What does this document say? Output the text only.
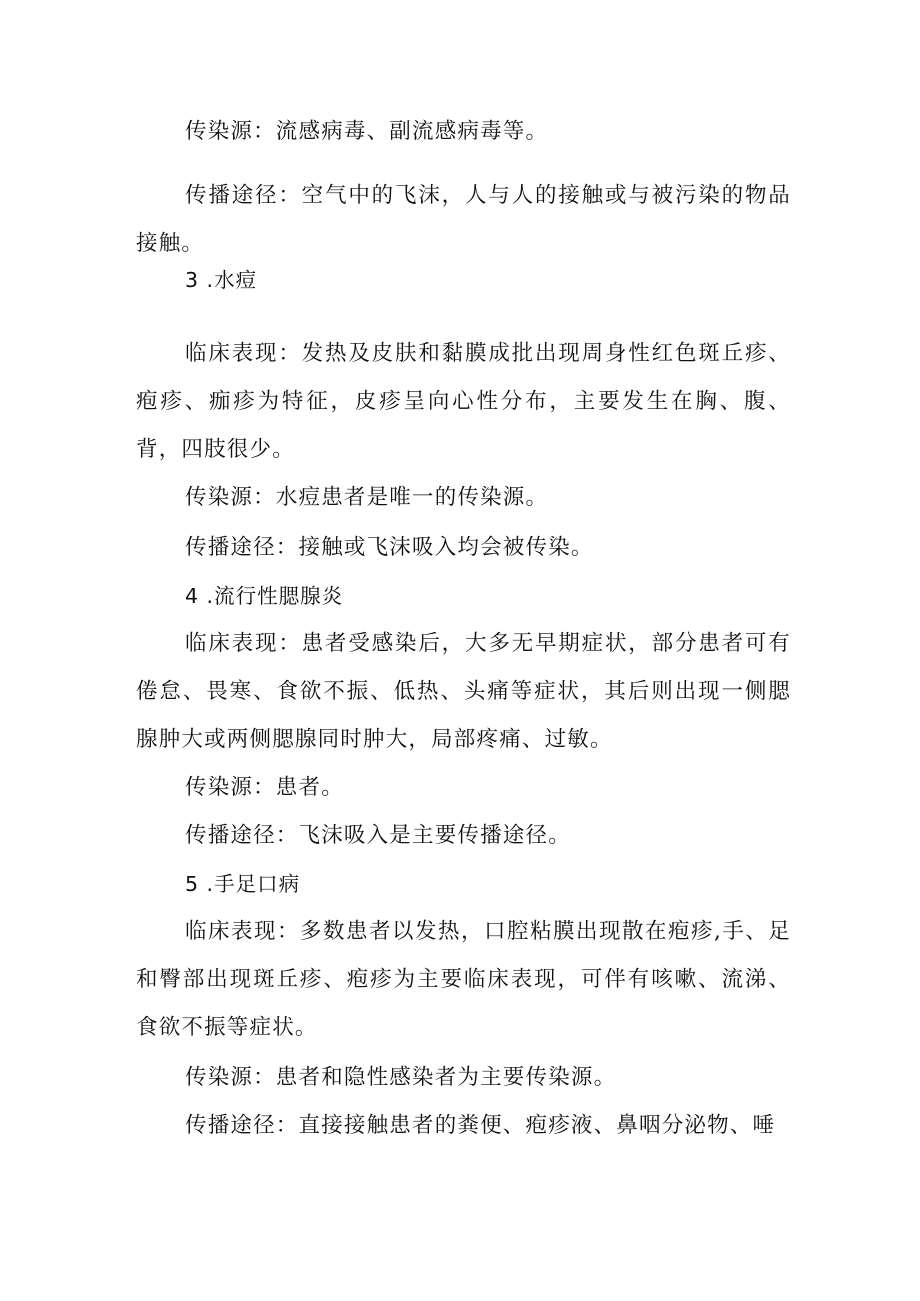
传染源：流感病毒、副流感病毒等。

传播途径：空气中的飞沫，人与人的接触或与被污染的物品接触。

3 .水痘

临床表现：发热及皮肤和黏膜成批出现周身性红色斑丘疹、疱疹、痂疹为特征，皮疹呈向心性分布，主要发生在胸、腹、背，四肢很少。

传染源：水痘患者是唯一的传染源。

传播途径：接触或飞沫吸入均会被传染。

4 .流行性腮腺炎

临床表现：患者受感染后，大多无早期症状，部分患者可有倦怠、畏寒、食欲不振、低热、头痛等症状，其后则出现一侧腮腺肿大或两侧腮腺同时肿大，局部疼痛、过敏。

传染源：患者。

传播途径：飞沫吸入是主要传播途径。

5 .手足口病

临床表现：多数患者以发热，口腔粘膜出现散在疱疹,手、足和臀部出现斑丘疹、疱疹为主要临床表现，可伴有咳嗽、流涕、食欲不振等症状。

传染源：患者和隐性感染者为主要传染源。

传播途径：直接接触患者的粪便、疱疹液、鼻咽分泌物、唾
